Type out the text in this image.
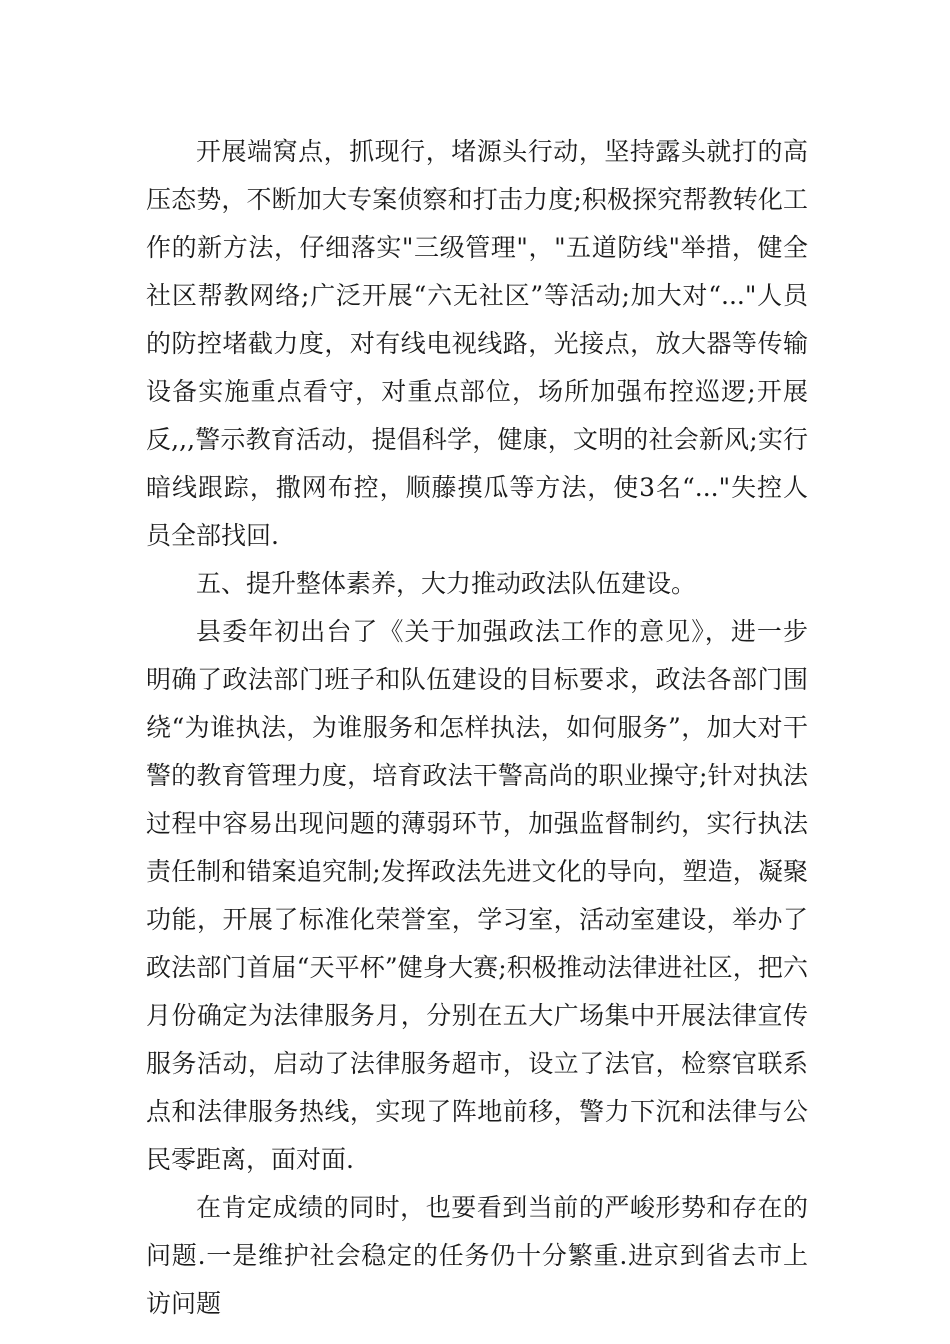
开展端窝点，抓现行，堵源头行动，坚持露头就打的高压态势，不断加大专案侦察和打击力度;积极探究帮教转化工作的新方法，仔细落实"三级管理"，"五道防线"举措，健全社区帮教网络;广泛开展“六无社区”等活动;加大对“..."人员的防控堵截力度，对有线电视线路，光接点，放大器等传输设备实施重点看守，对重点部位，场所加强布控巡逻;开展反,,,警示教育活动，提倡科学，健康，文明的社会新风;实行暗线跟踪，撒网布控，顺藤摸瓜等方法，使3名“..."失控人员全部找回.

五、提升整体素养，大力推动政法队伍建设。

县委年初出台了《关于加强政法工作的意见》，进一步明确了政法部门班子和队伍建设的目标要求，政法各部门围绕“为谁执法，为谁服务和怎样执法，如何服务”，加大对干警的教育管理力度，培育政法干警高尚的职业操守;针对执法过程中容易出现问题的薄弱环节，加强监督制约，实行执法责任制和错案追究制;发挥政法先进文化的导向，塑造，凝聚功能，开展了标准化荣誉室，学习室，活动室建设，举办了政法部门首届“天平杯”健身大赛;积极推动法律进社区，把六月份确定为法律服务月，分别在五大广场集中开展法律宣传服务活动，启动了法律服务超市，设立了法官，检察官联系点和法律服务热线，实现了阵地前移，警力下沉和法律与公民零距离，面对面.

在肯定成绩的同时，也要看到当前的严峻形势和存在的问题.一是维护社会稳定的任务仍十分繁重.进京到省去市上访问题
